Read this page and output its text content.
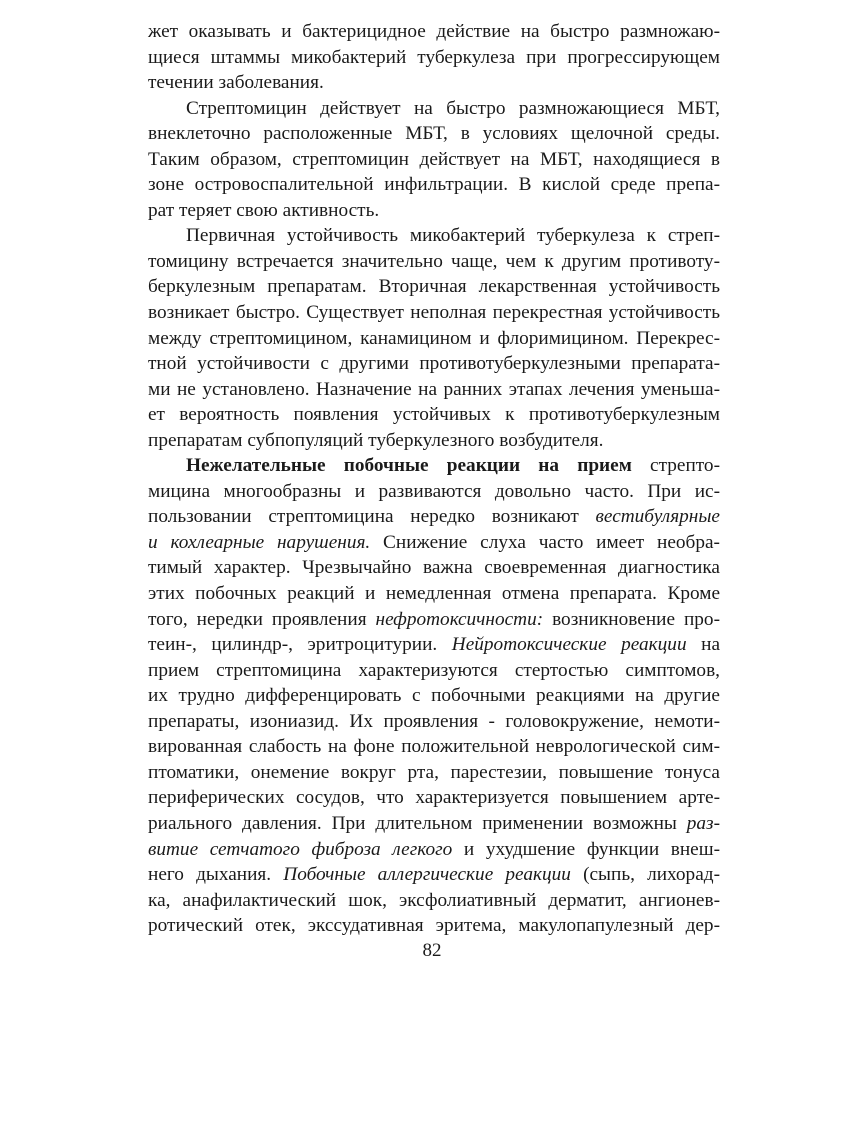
жет оказывать и бактерицидное действие на быстро размножаю-
щиеся штаммы микобактерий туберкулеза при прогрессирующем
течении заболевания.
Стрептомицин действует на быстро размножающиеся МБТ,
внеклеточно расположенные МБТ, в условиях щелочной среды.
Таким образом, стрептомицин действует на МБТ, находящиеся в
зоне островоспалительной инфильтрации. В кислой среде препа-
рат теряет свою активность.
Первичная устойчивость микобактерий туберкулеза к стреп-
томицину встречается значительно чаще, чем к другим противоту-
беркулезным препаратам. Вторичная лекарственная устойчивость
возникает быстро. Существует неполная перекрестная устойчивость
между стрептомицином, канамицином и флоримицином. Перекрес-
тной устойчивости с другими противотуберкулезными препарата-
ми не установлено. Назначение на ранних этапах лечения уменьша-
ет вероятность появления устойчивых к противотуберкулезным
препаратам субпопуляций туберкулезного возбудителя.
Нежелательные побочные реакции на прием стрепто-
мицина многообразны и развиваются довольно часто. При ис-
пользовании стрептомицина нередко возникают вестибулярные
и кохлеарные нарушения. Снижение слуха часто имеет необра-
тимый характер. Чрезвычайно важна своевременная диагностика
этих побочных реакций и немедленная отмена препарата. Кроме
того, нередки проявления нефротоксичности: возникновение про-
теин-, цилиндр-, эритроцитурии. Нейротоксические реакции на
прием стрептомицина характеризуются стертостью симптомов,
их трудно дифференцировать с побочными реакциями на другие
препараты, изониазид. Их проявления - головокружение, немоти-
вированная слабость на фоне положительной неврологической сим-
птоматики, онемение вокруг рта, парестезии, повышение тонуса
периферических сосудов, что характеризуется повышением арте-
риального давления. При длительном применении возможны раз-
витие сетчатого фиброза легкого и ухудшение функции внеш-
него дыхания. Побочные аллергические реакции (сыпь, лихорад-
ка, анафилактический шок, эксфолиативный дерматит, ангионев-
ротический отек, экссудативная эритема, макулопапулезный дер-
82
